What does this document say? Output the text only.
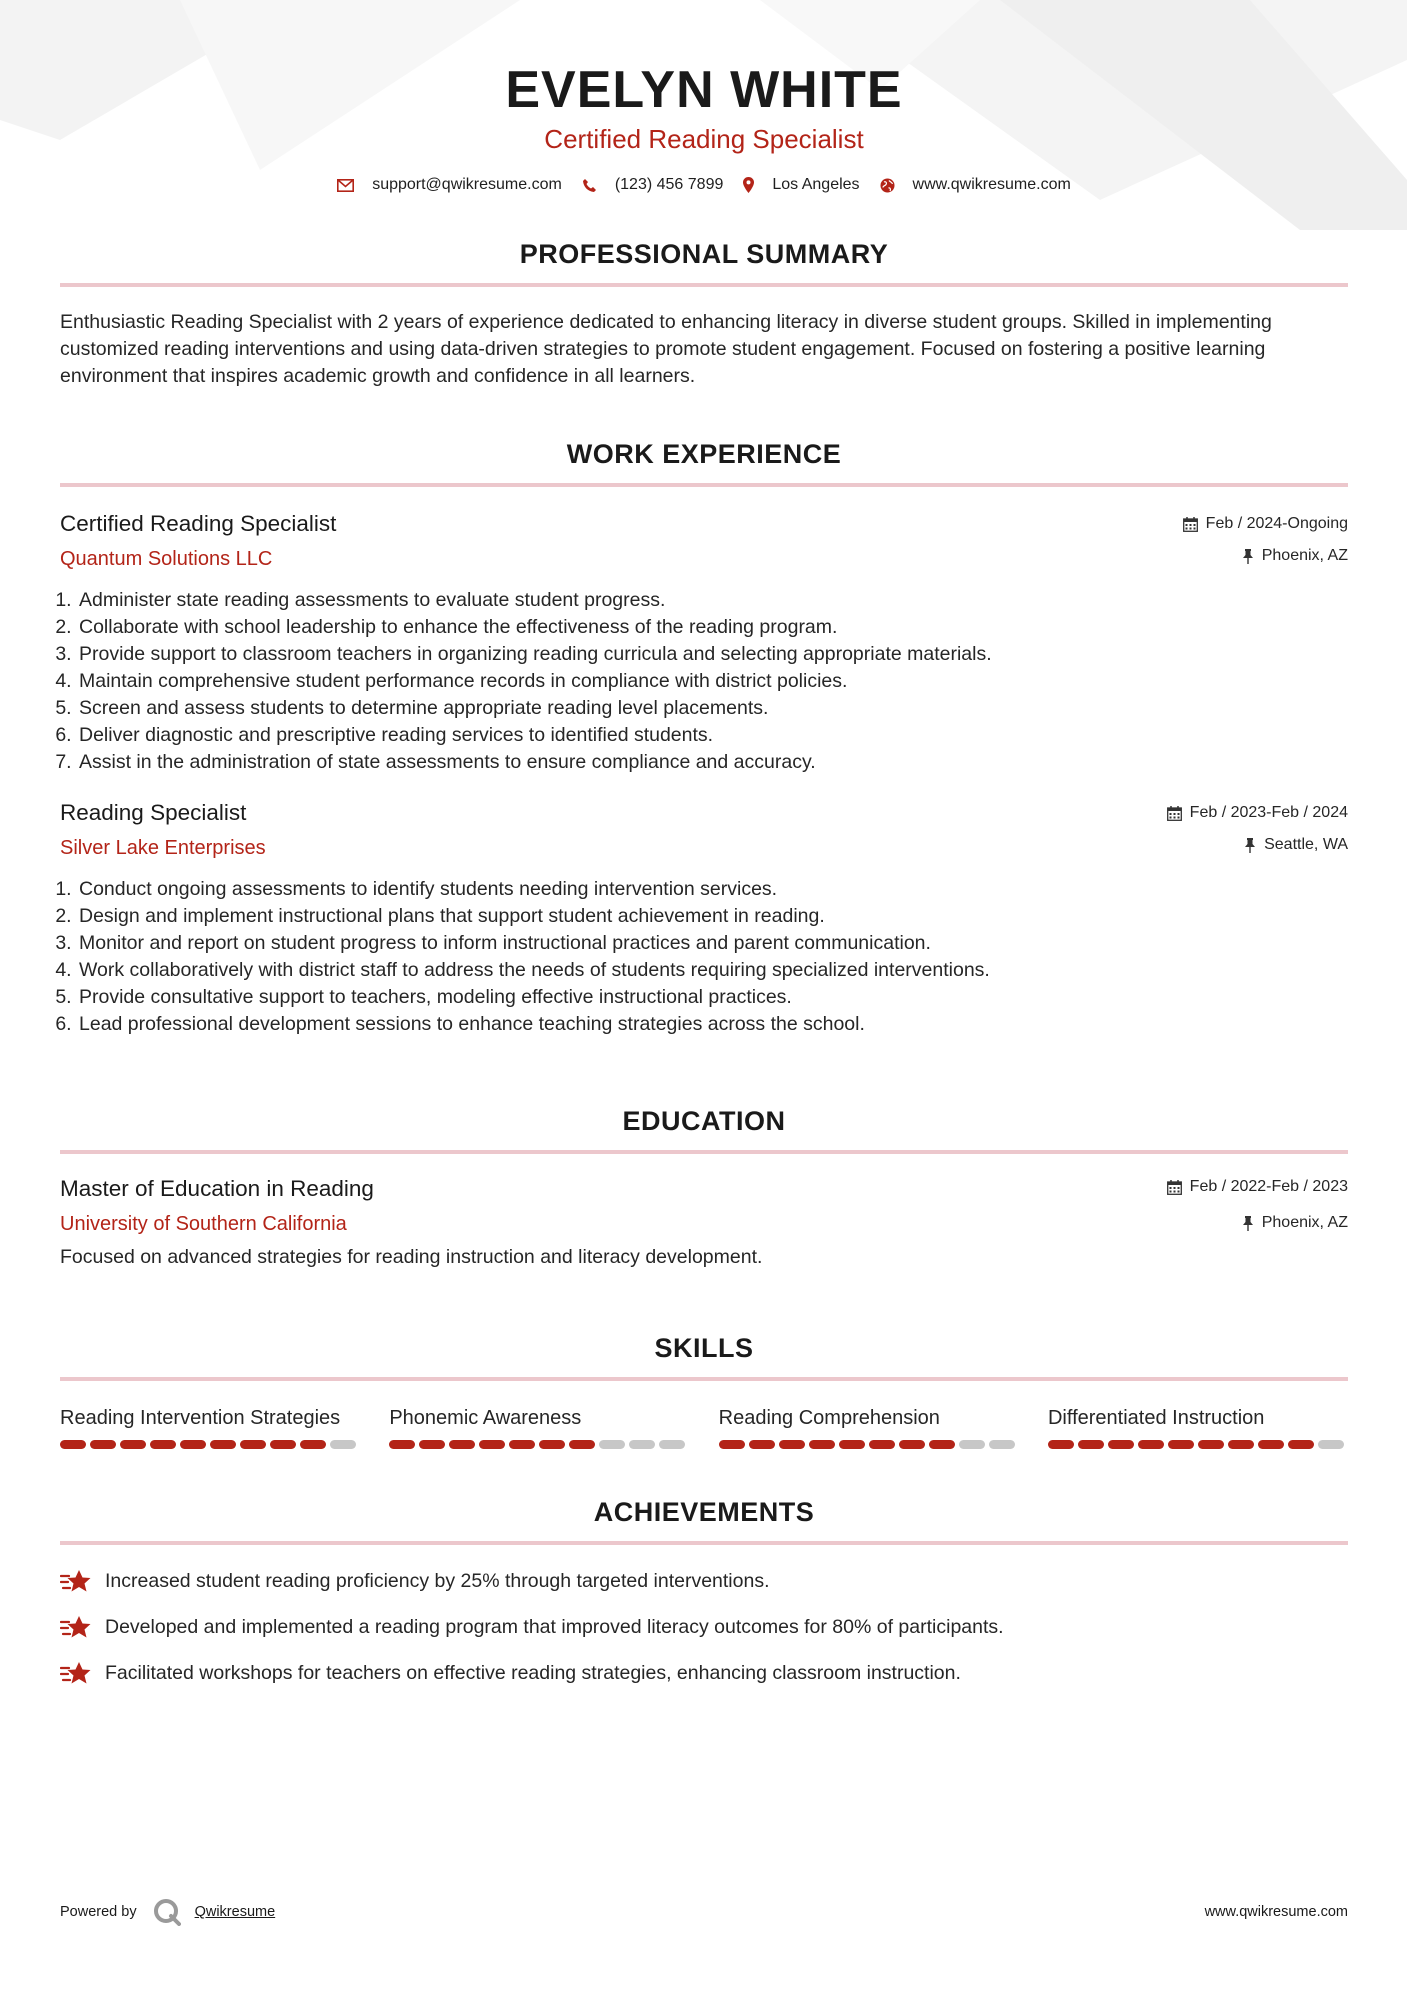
EVELYN WHITE
Certified Reading Specialist
support@qwikresume.com	(123) 456 7899	Los Angeles	www.qwikresume.com
PROFESSIONAL SUMMARY
Enthusiastic Reading Specialist with 2 years of experience dedicated to enhancing literacy in diverse student groups. Skilled in implementing customized reading interventions and using data-driven strategies to promote student engagement. Focused on fostering a positive learning environment that inspires academic growth and confidence in all learners.
WORK EXPERIENCE
Certified Reading Specialist
Quantum Solutions LLC
Feb / 2024-Ongoing
Phoenix, AZ
1. Administer state reading assessments to evaluate student progress.
2. Collaborate with school leadership to enhance the effectiveness of the reading program.
3. Provide support to classroom teachers in organizing reading curricula and selecting appropriate materials.
4. Maintain comprehensive student performance records in compliance with district policies.
5. Screen and assess students to determine appropriate reading level placements.
6. Deliver diagnostic and prescriptive reading services to identified students.
7. Assist in the administration of state assessments to ensure compliance and accuracy.
Reading Specialist
Silver Lake Enterprises
Feb / 2023-Feb / 2024
Seattle, WA
1. Conduct ongoing assessments to identify students needing intervention services.
2. Design and implement instructional plans that support student achievement in reading.
3. Monitor and report on student progress to inform instructional practices and parent communication.
4. Work collaboratively with district staff to address the needs of students requiring specialized interventions.
5. Provide consultative support to teachers, modeling effective instructional practices.
6. Lead professional development sessions to enhance teaching strategies across the school.
EDUCATION
Master of Education in Reading
University of Southern California
Feb / 2022-Feb / 2023
Phoenix, AZ
Focused on advanced strategies for reading instruction and literacy development.
SKILLS
Reading Intervention Strategies	Phonemic Awareness	Reading Comprehension	Differentiated Instruction
ACHIEVEMENTS
Increased student reading proficiency by 25% through targeted interventions.
Developed and implemented a reading program that improved literacy outcomes for 80% of participants.
Facilitated workshops for teachers on effective reading strategies, enhancing classroom instruction.
Powered by	Qwikresume	www.qwikresume.com
